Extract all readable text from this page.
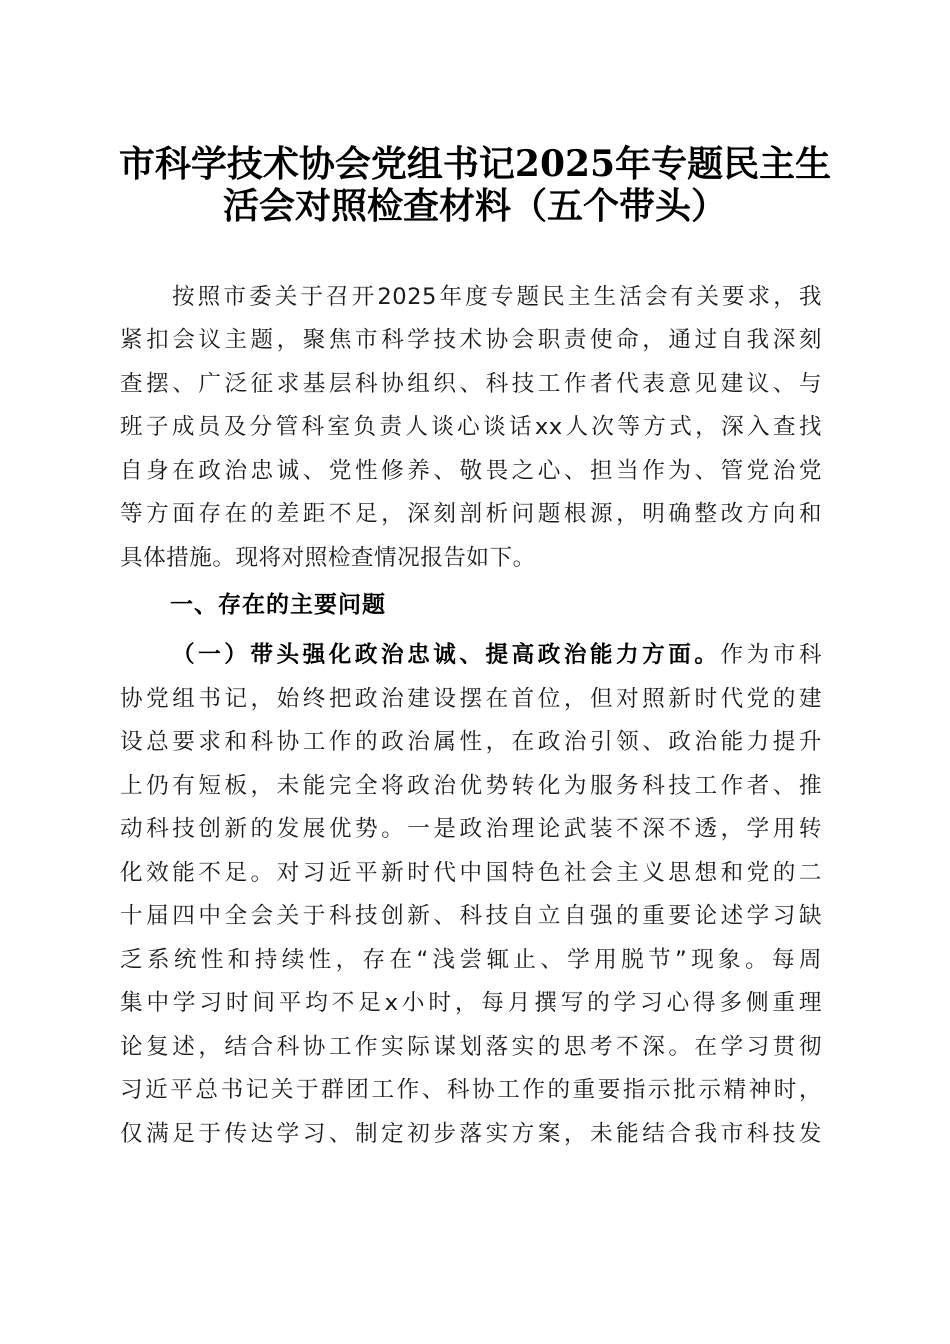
市科学技术协会党组书记2025年专题民主生
活会对照检查材料（五个带头）
按照市委关于召开2025年度专题民主生活会有关要求，我
紧扣会议主题，聚焦市科学技术协会职责使命，通过自我深刻
查摆、广泛征求基层科协组织、科技工作者代表意见建议、与
班子成员及分管科室负责人谈心谈话xx人次等方式，深入查找
自身在政治忠诚、党性修养、敬畏之心、担当作为、管党治党
等方面存在的差距不足，深刻剖析问题根源，明确整改方向和
具体措施。现将对照检查情况报告如下。
一、存在的主要问题
（一）带头强化政治忠诚、提高政治能力方面。作为市科
协党组书记，始终把政治建设摆在首位，但对照新时代党的建
设总要求和科协工作的政治属性，在政治引领、政治能力提升
上仍有短板，未能完全将政治优势转化为服务科技工作者、推
动科技创新的发展优势。一是政治理论武装不深不透，学用转
化效能不足。对习近平新时代中国特色社会主义思想和党的二
十届四中全会关于科技创新、科技自立自强的重要论述学习缺
乏系统性和持续性，存在“浅尝辄止、学用脱节”现象。每周
集中学习时间平均不足x小时，每月撰写的学习心得多侧重理
论复述，结合科协工作实际谋划落实的思考不深。在学习贯彻
习近平总书记关于群团工作、科协工作的重要指示批示精神时，
仅满足于传达学习、制定初步落实方案，未能结合我市科技发
